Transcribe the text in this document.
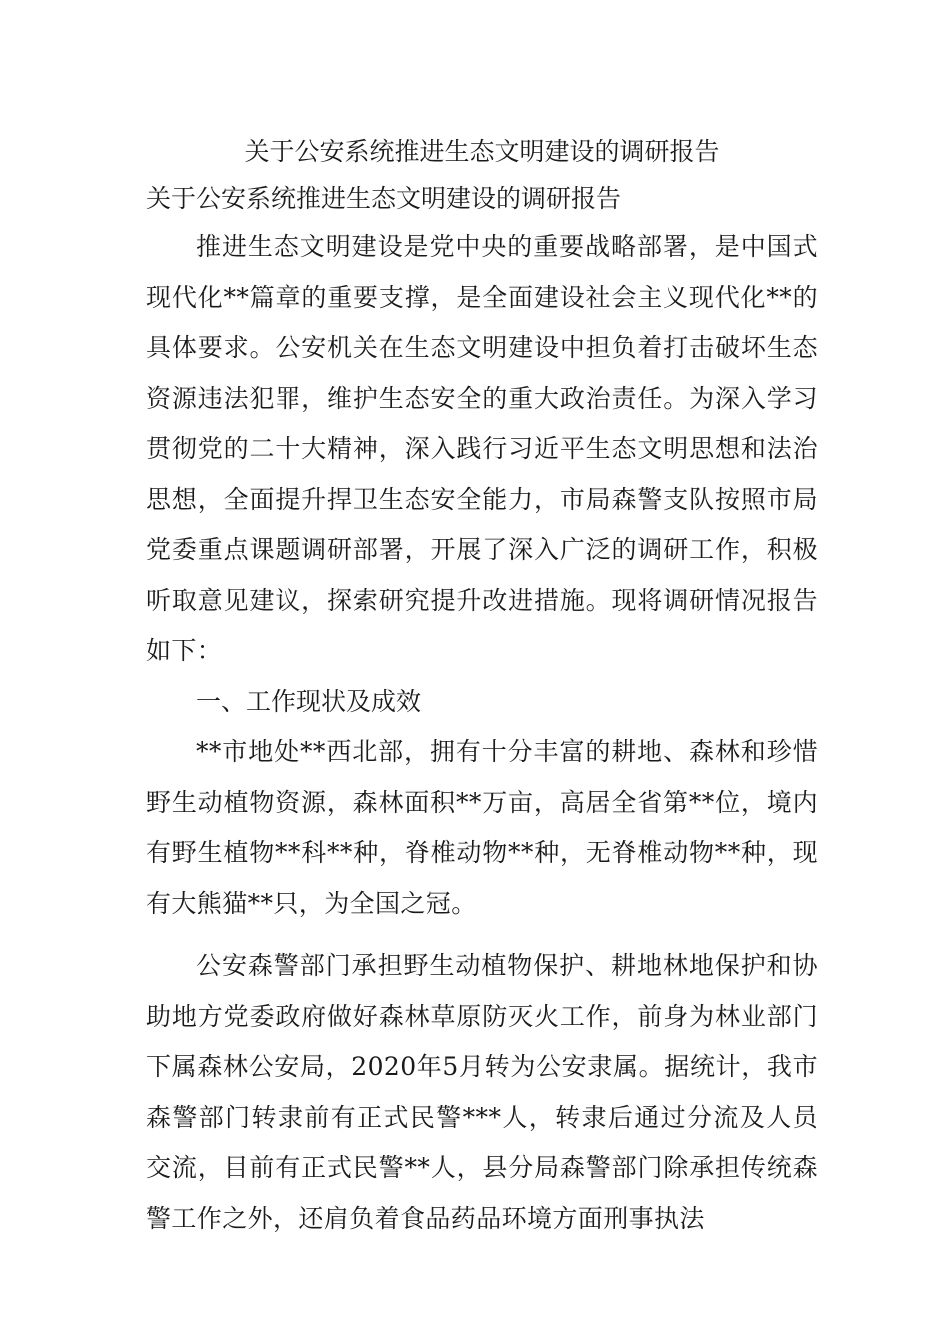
关于公安系统推进生态文明建设的调研报告
关于公安系统推进生态文明建设的调研报告

推进生态文明建设是党中央的重要战略部署，是中国式现代化**篇章的重要支撑，是全面建设社会主义现代化**的具体要求。公安机关在生态文明建设中担负着打击破坏生态资源违法犯罪，维护生态安全的重大政治责任。为深入学习贯彻党的二十大精神，深入践行习近平生态文明思想和法治思想，全面提升捍卫生态安全能力，市局森警支队按照市局党委重点课题调研部署，开展了深入广泛的调研工作，积极听取意见建议，探索研究提升改进措施。现将调研情况报告如下：

一、工作现状及成效

**市地处**西北部，拥有十分丰富的耕地、森林和珍惜野生动植物资源，森林面积**万亩，高居全省第**位，境内有野生植物**科**种，脊椎动物**种，无脊椎动物**种，现有大熊猫**只，为全国之冠。

公安森警部门承担野生动植物保护、耕地林地保护和协助地方党委政府做好森林草原防灭火工作，前身为林业部门下属森林公安局，2020年5月转为公安隶属。据统计，我市森警部门转隶前有正式民警***人，转隶后通过分流及人员交流，目前有正式民警**人，县分局森警部门除承担传统森警工作之外，还肩负着食品药品环境方面刑事执法
